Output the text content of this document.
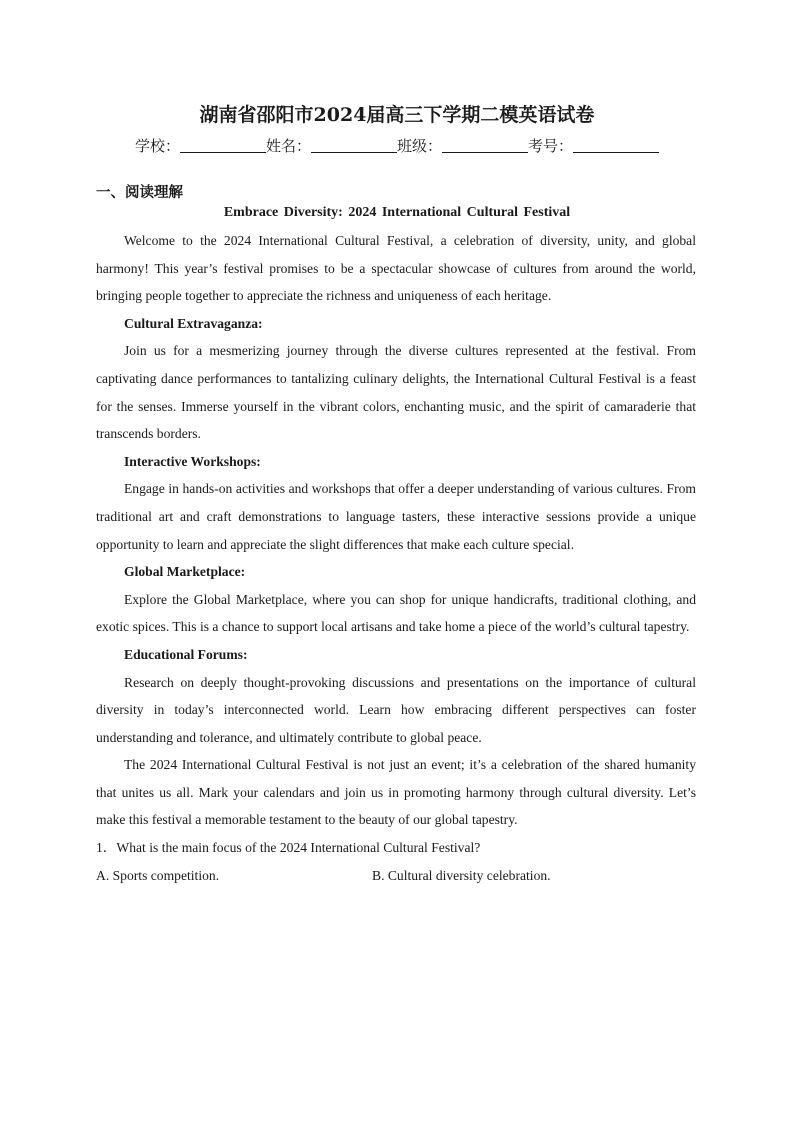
湖南省邵阳市2024届高三下学期二模英语试卷
学校：	姓名：	班级：	考号：
一、阅读理解
Embrace Diversity: 2024 International Cultural Festival

Welcome to the 2024 International Cultural Festival, a celebration of diversity, unity, and global harmony! This year’s festival promises to be a spectacular showcase of cultures from around the world, bringing people together to appreciate the richness and uniqueness of each heritage.

Cultural Extravaganza:

Join us for a mesmerizing journey through the diverse cultures represented at the festival. From captivating dance performances to tantalizing culinary delights, the International Cultural Festival is a feast for the senses. Immerse yourself in the vibrant colors, enchanting music, and the spirit of camaraderie that transcends borders.

Interactive Workshops:

Engage in hands-on activities and workshops that offer a deeper understanding of various cultures. From traditional art and craft demonstrations to language tasters, these interactive sessions provide a unique opportunity to learn and appreciate the slight differences that make each culture special.

Global Marketplace:

Explore the Global Marketplace, where you can shop for unique handicrafts, traditional clothing, and exotic spices. This is a chance to support local artisans and take home a piece of the world’s cultural tapestry.

Educational Forums:

Research on deeply thought-provoking discussions and presentations on the importance of cultural diversity in today’s interconnected world. Learn how embracing different perspectives can foster understanding and tolerance, and ultimately contribute to global peace.

The 2024 International Cultural Festival is not just an event; it’s a celebration of the shared humanity that unites us all. Mark your calendars and join us in promoting harmony through cultural diversity. Let’s make this festival a memorable testament to the beauty of our global tapestry.

1．What is the main focus of the 2024 International Cultural Festival?

A. Sports competition.	B. Cultural diversity celebration.
